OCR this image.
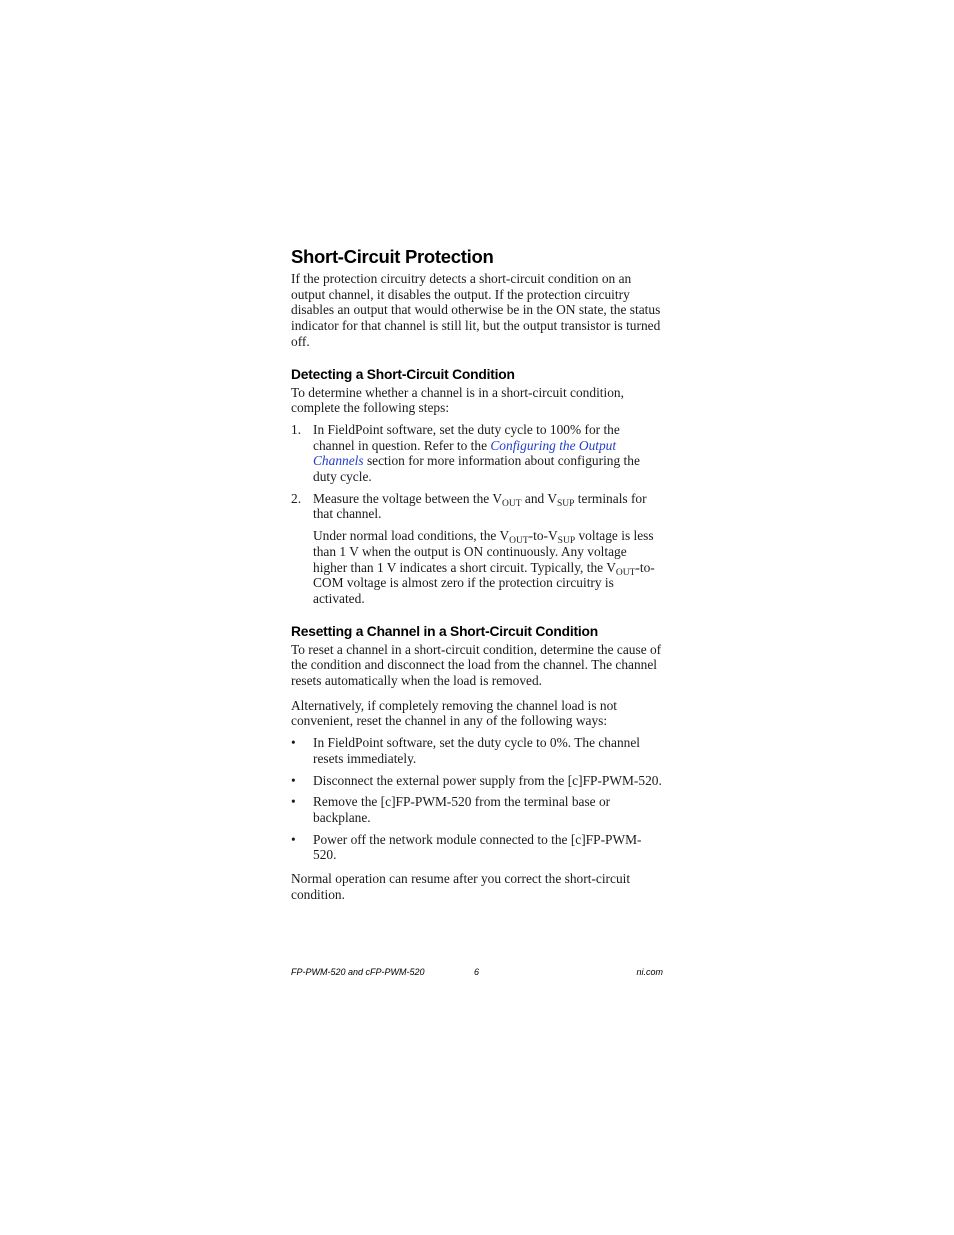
Short-Circuit Protection

If the protection circuitry detects a short-circuit condition on an output channel, it disables the output. If the protection circuitry disables an output that would otherwise be in the ON state, the status indicator for that channel is still lit, but the output transistor is turned off.

Detecting a Short-Circuit Condition

To determine whether a channel is in a short-circuit condition, complete the following steps:

1. In FieldPoint software, set the duty cycle to 100% for the channel in question. Refer to the Configuring the Output Channels section for more information about configuring the duty cycle.
2. Measure the voltage between the $V_{OUT}$ and $V_{SUP}$ terminals for that channel.

Under normal load conditions, the $V_{OUT}-to-V_{SUP}$ voltage is less than 1 V when the output is ON continuously. Any voltage higher than 1 V indicates a short circuit. Typically, the $V_{OUT}-to$-COM voltage is almost zero if the protection circuitry is activated.

Resetting a Channel in a Short-Circuit Condition

To reset a channel in a short-circuit condition, determine the cause of the condition and disconnect the load from the channel. The channel resets automatically when the load is removed.

Alternatively, if completely removing the channel load is not convenient, reset the channel in any of the following ways:

•	In FieldPoint software, set the duty cycle to 0%. The channel resets immediately.
•	Disconnect the external power supply from the [c]FP-PWM-520.
•	Remove the [c]FP-PWM-520 from the terminal base or backplane.
•	Power off the network module connected to the [c]FP-PWM-520.

Normal operation can resume after you correct the short-circuit condition.

FP-PWM-520 and cFP-PWM-520	6	ni.com
